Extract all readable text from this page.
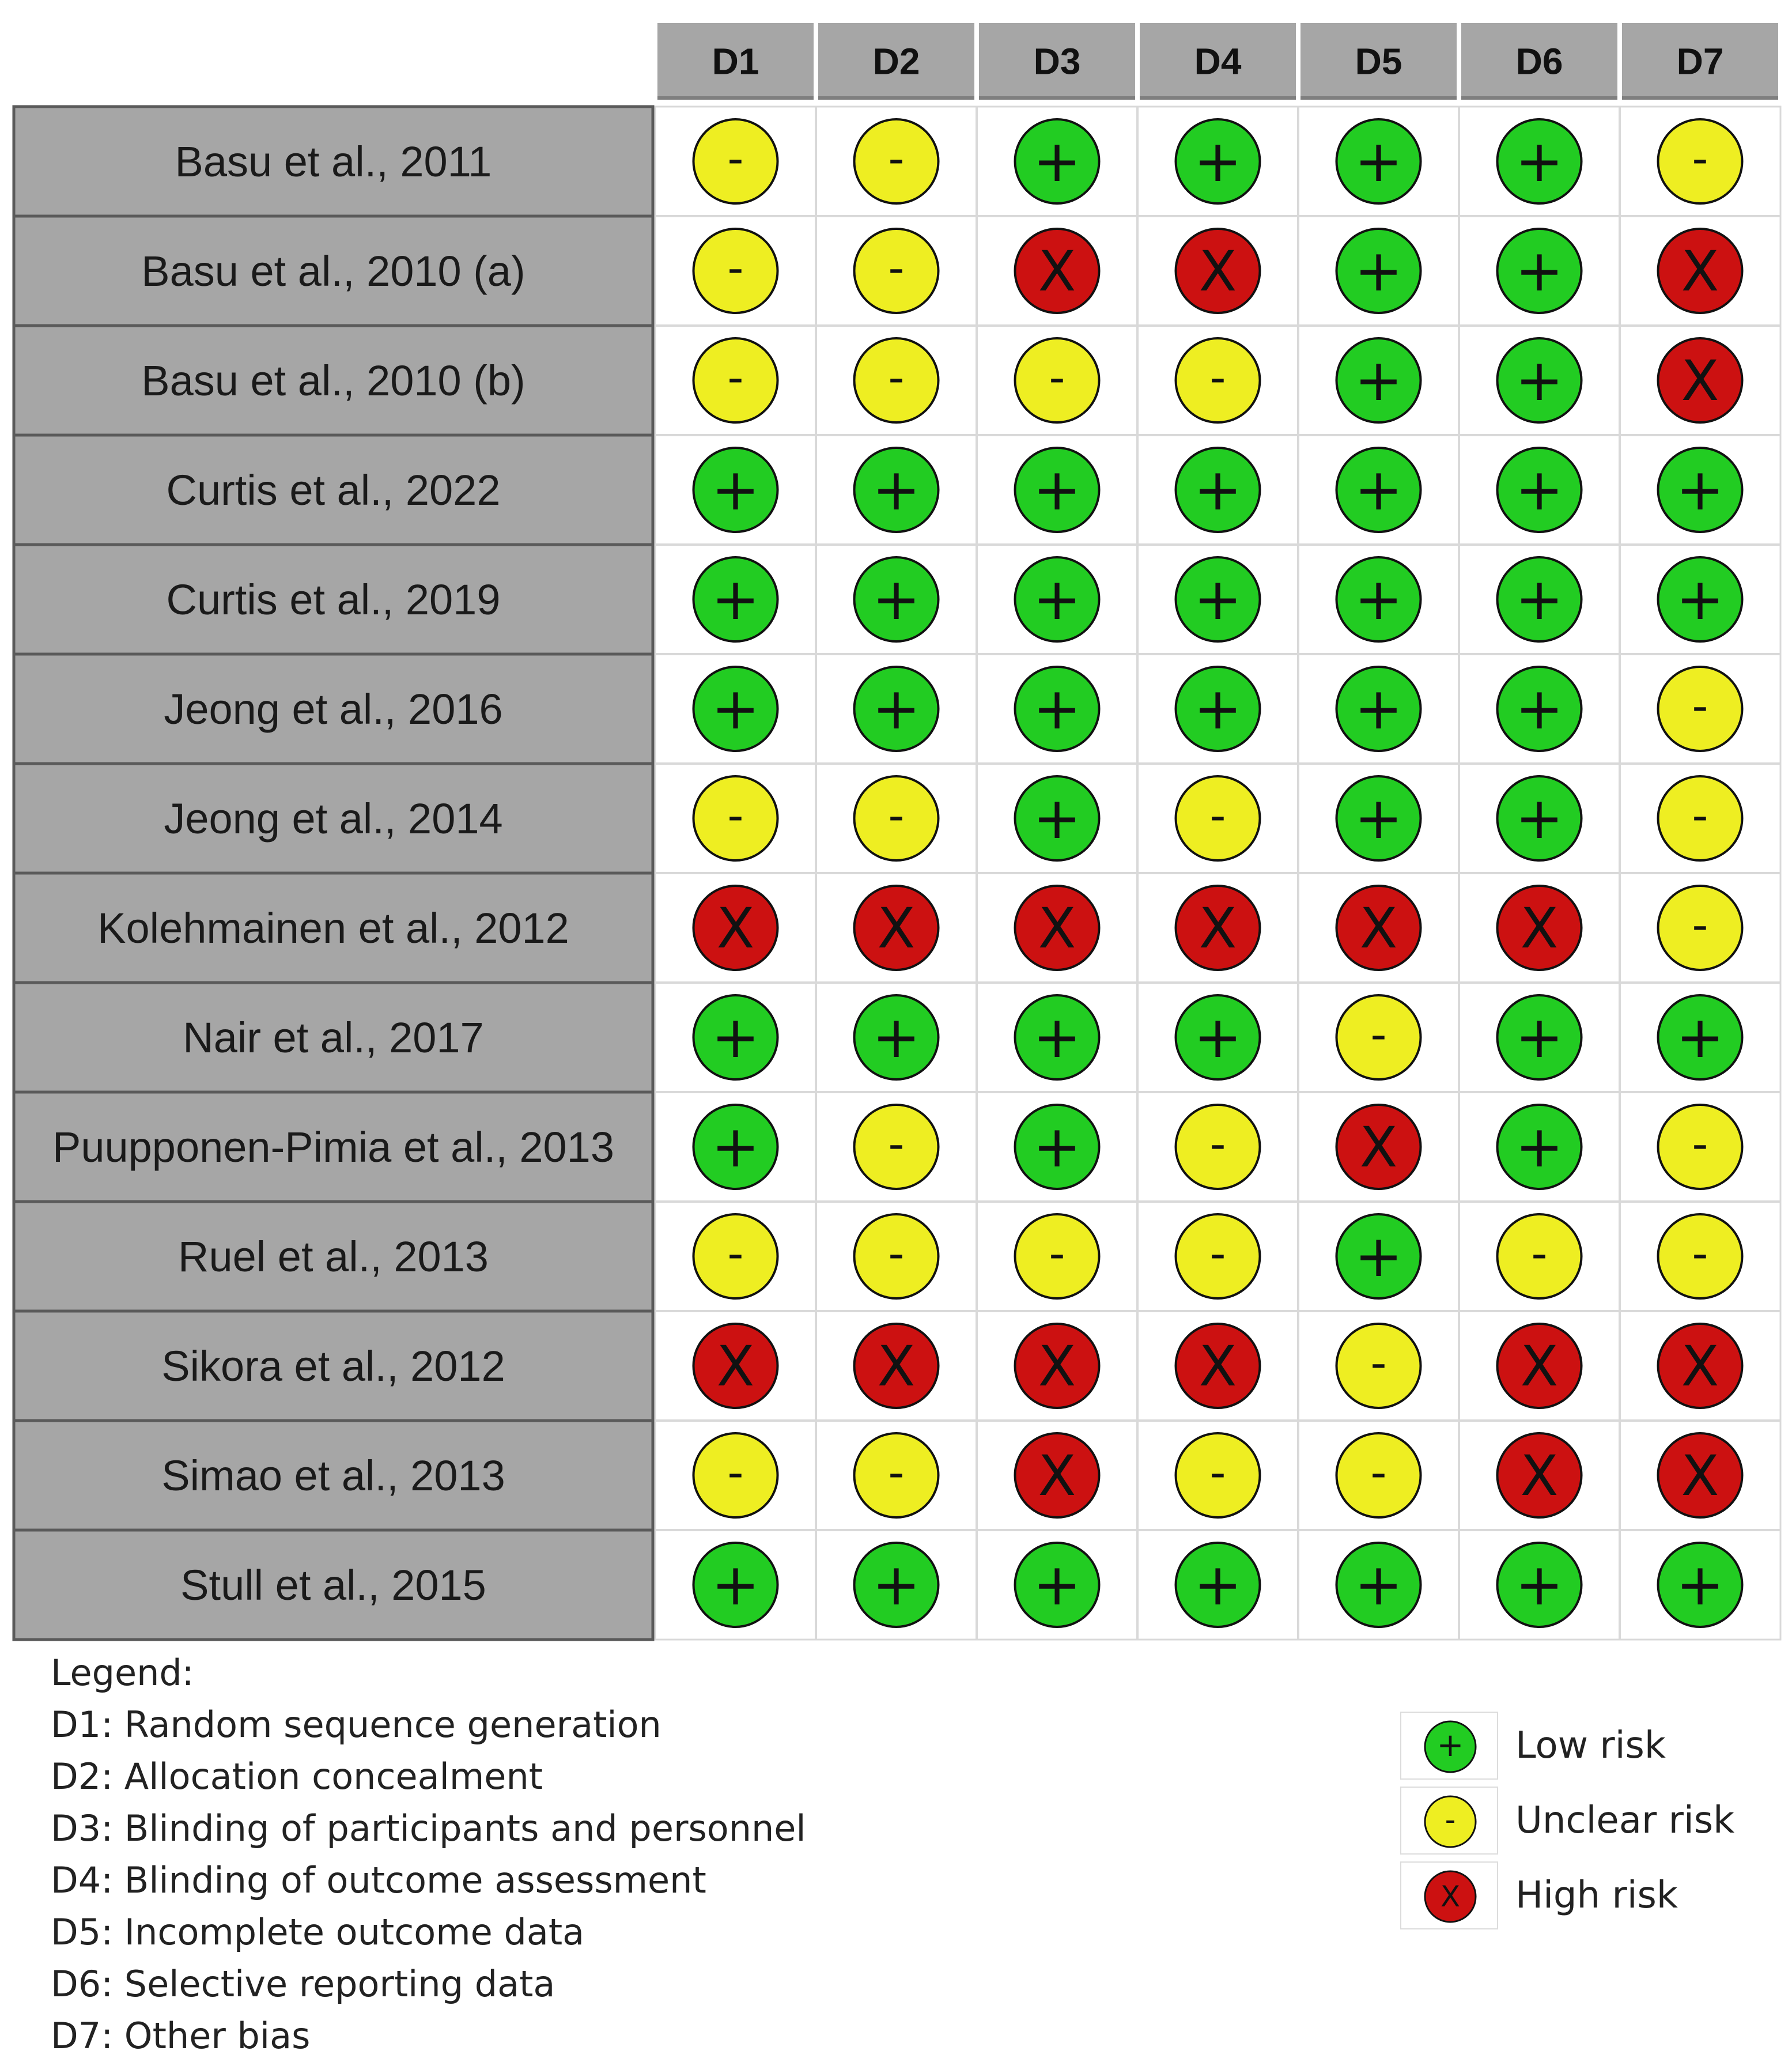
D1	D2	D3	D4	D5	D6	D7
Basu et al., 2011	-	- + + + +	-
Basu et al., 2010 (a)	-	- X X + + X
Basu et al., 2010 (b)	-	-	-	- + + X
Curtis et al., 2022	+ + + + + + +
Curtis et al., 2019	+ + + + + + +
Jeong et al., 2016	+ + + + + +	-
Jeong et al., 2014	-	- +	- + +	-
Kolehmainen et al., 2012	X X X X X X	-
Nair et al., 2017	+ + + +	- + +
Puupponen-Pimia et al., 2013 +	- +	- X +	-
Ruel et al., 2013	-	-	-	- +	-	-
Sikora et al., 2012	X X X X	- X X
Simao et al., 2013	-	- X	-	- X X
Stull et al., 2015	+ + + + + + +
Legend:
D1: Random sequence generation
D2: Allocation concealment
D3: Blinding of participants and personnel
D4: Blinding of outcome assessment
D5: Incomplete outcome data
D6: Selective reporting data
D7: Other bias
+ Low risk
- Unclear risk
X High risk
